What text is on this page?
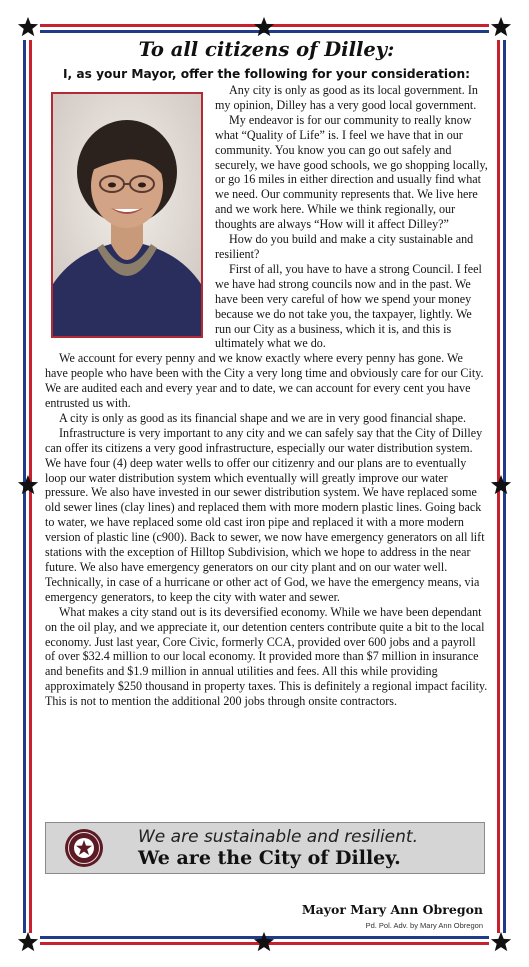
To all citizens of Dilley:
I, as your Mayor, offer the following for your consideration:

Any city is only as good as its local government. In my opinion, Dilley has a very good local government.

My endeavor is for our community to really know what “Quality of Life” is. I feel we have that in our community. You know you can go out safely and securely, we have good schools, we go shopping locally, or go 16 miles in either direction and usually find what we need. Our community represents that. We live here and we work here. While we think regionally, our thoughts are always “How will it affect Dilley?”

How do you build and make a city sustainable and resilient?

First of all, you have to have a strong Council. I feel we have had strong councils now and in the past. We have been very careful of how we spend your money because we do not take you, the taxpayer, lightly. We run our City as a business, which it is, and this is ultimately what we do.

We account for every penny and we know exactly where every penny has gone. We have people who have been with the City a very long time and obviously care for our City. We are audited each and every year and to date, we can account for every cent you have entrusted us with.

A city is only as good as its financial shape and we are in very good financial shape.

Infrastructure is very important to any city and we can safely say that the City of Dilley can offer its citizens a very good infrastructure, especially our water distribution system. We have four (4) deep water wells to offer our citizenry and our plans are to eventually loop our water distribution system which eventually will greatly improve our water pressure. We also have invested in our sewer distribution system. We have replaced some old sewer lines (clay lines) and replaced them with more modern plastic lines. Going back to water, we have replaced some old cast iron pipe and replaced it with a more modern version of plastic line (c900). Back to sewer, we now have emergency generators on all lift stations with the exception of Hilltop Subdivision, which we hope to address in the near future. We also have emergency generators on our city plant and on our water well. Technically, in case of a hurricane or other act of God, we have the emergency means, via emergency generators, to keep the city with water and sewer.

What makes a city stand out is its deversified economy. While we have been dependant on the oil play, and we appreciate it, our detention centers contribute quite a bit to the local economy. Just last year, Core Civic, formerly CCA, provided over 600 jobs and a payroll of over $32.4 million to our local economy. It provided more than $7 million in insurance and benefits and $1.9 million in annual utilities and fees. All this while providing approximately $250 thousand in property taxes. This is definitely a regional impact facility. This is not to mention the additional 200 jobs through onsite contractors.

We are sustainable and resilient.
We are the City of Dilley.
Mayor Mary Ann Obregon
Pd. Pol. Adv. by Mary Ann Obregon
